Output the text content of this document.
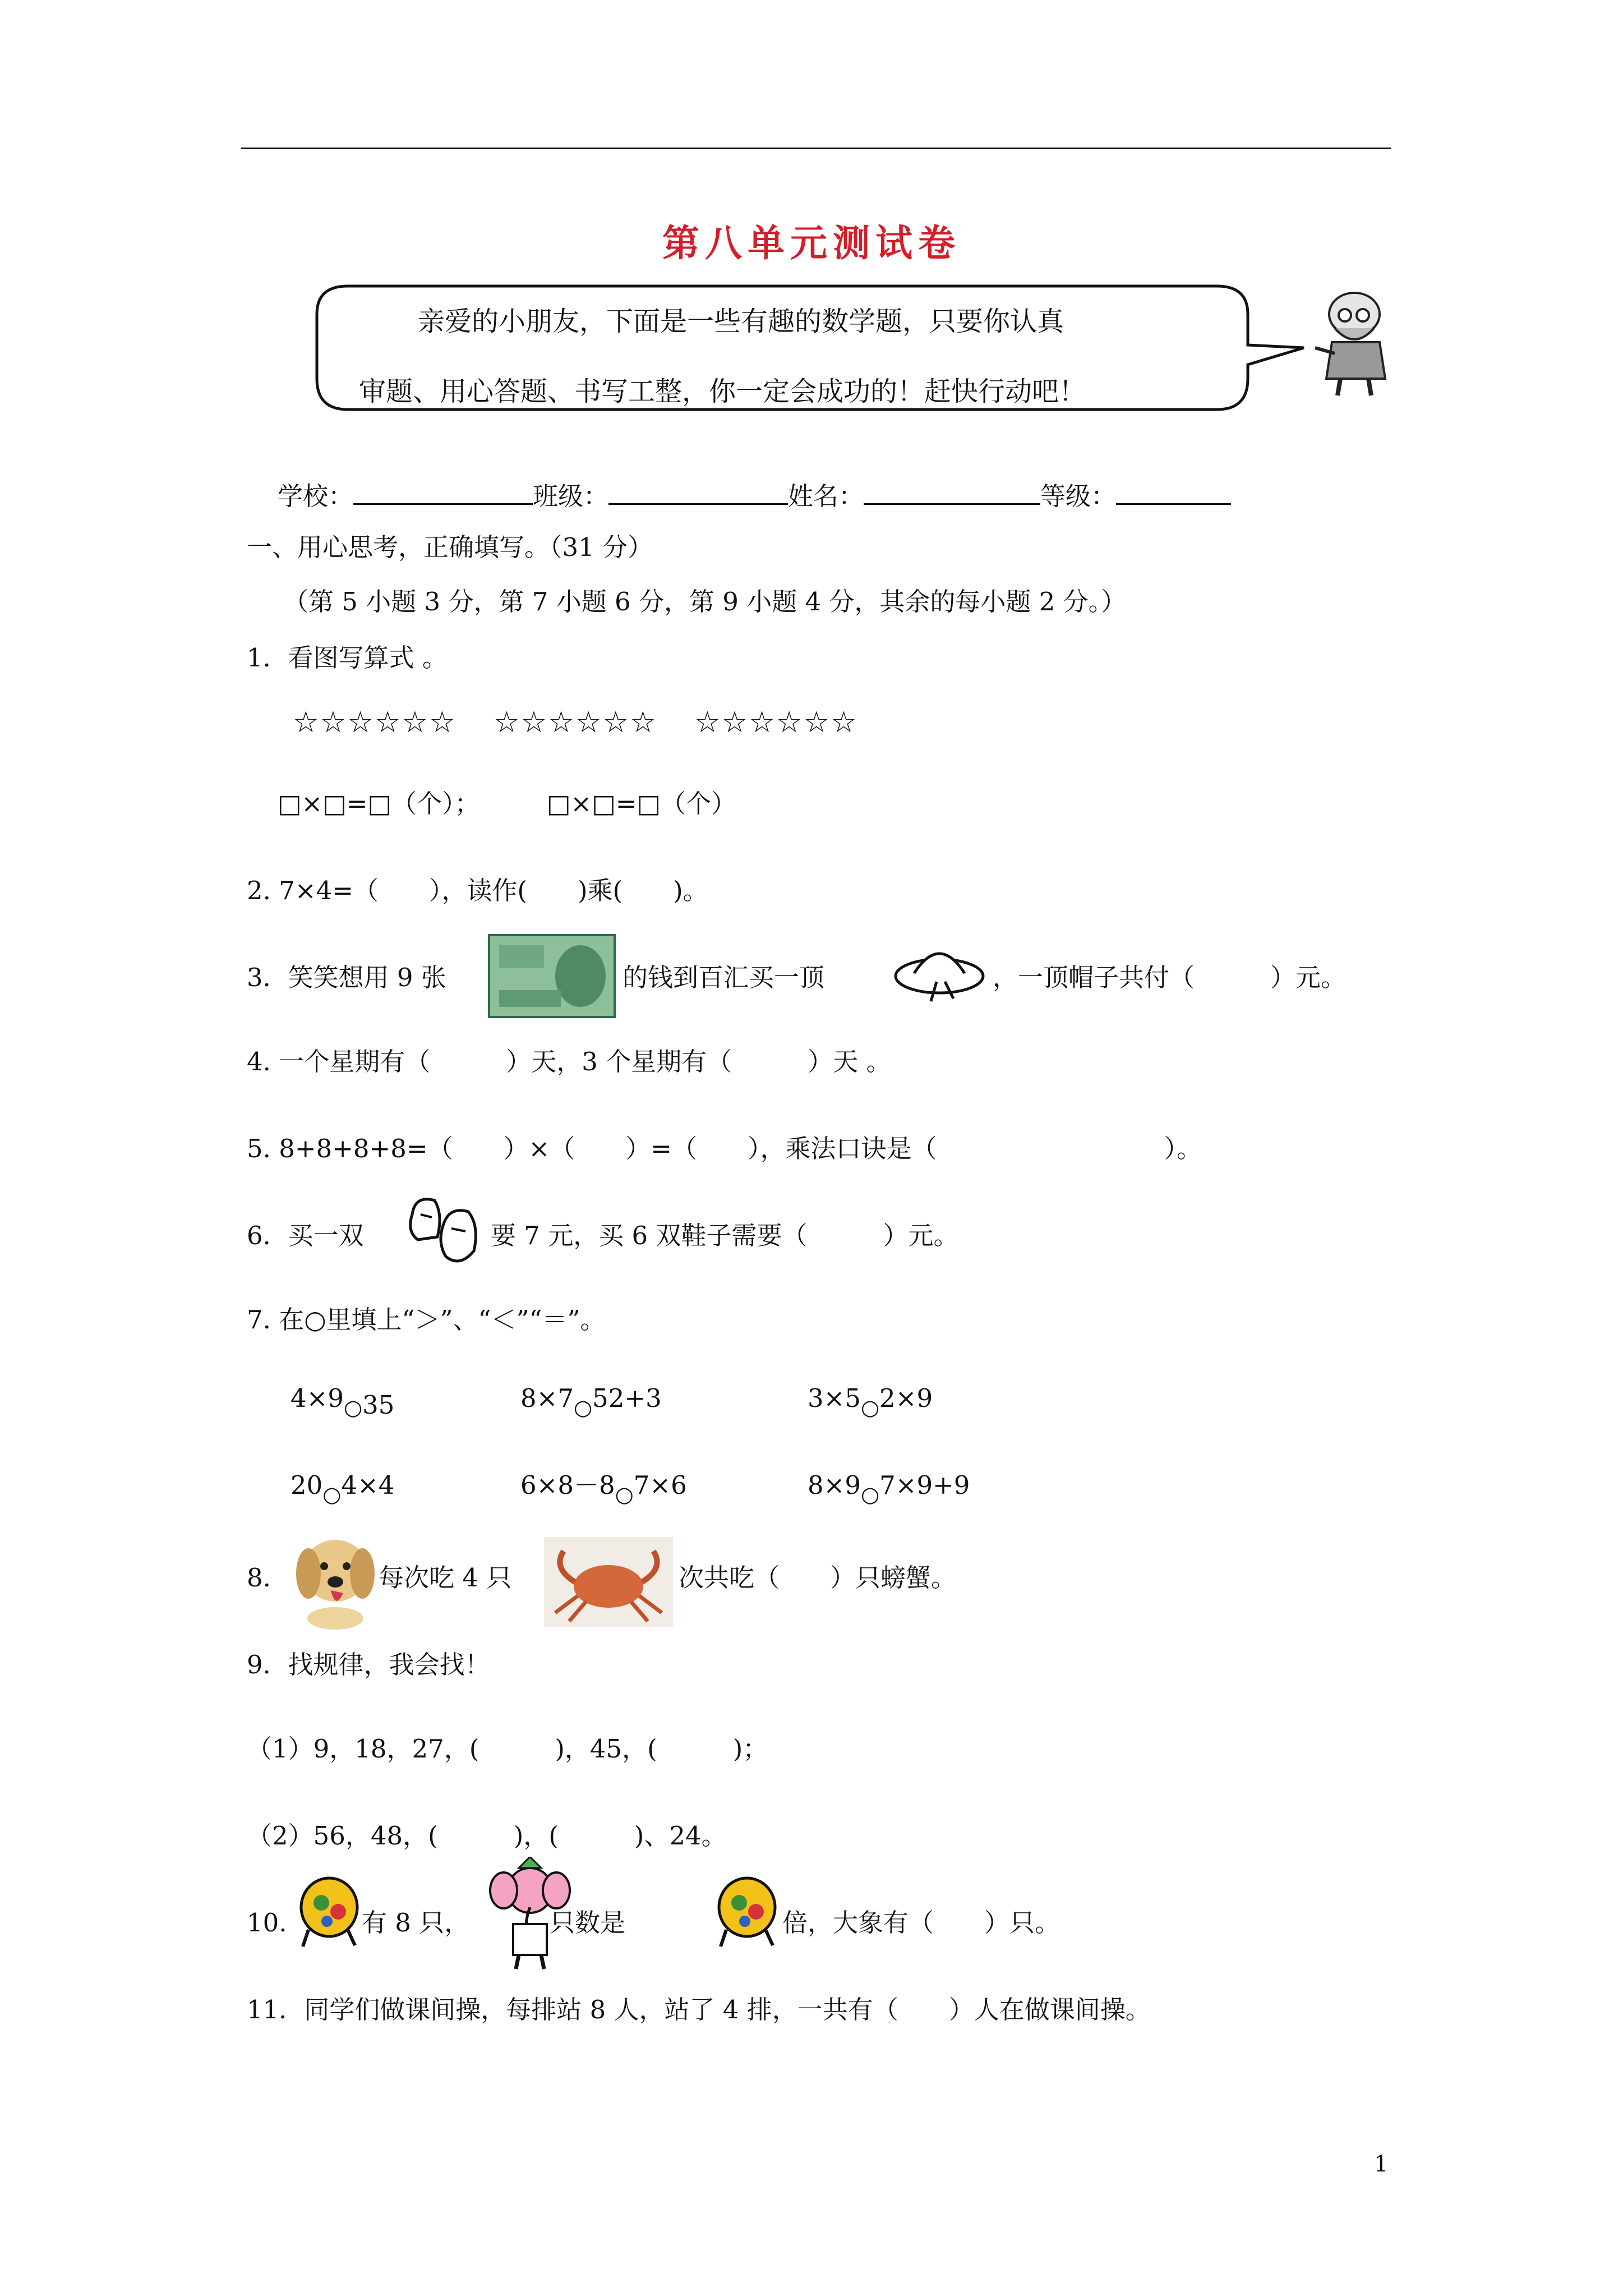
第八单元测试卷
亲爱的小朋友，下面是一些有趣的数学题，只要你认真
审题、用心答题、书写工整，你一定会成功的！赶快行动吧！
学校：	班级：	姓名：	等级：
一、用心思考，正确填写。（31 分）
（第 5 小题 3 分，第 7 小题 6 分，第 9 小题 4 分，其余的每小题 2 分。）
1．看图写算式 。
☆☆☆☆☆☆ ☆☆☆☆☆☆ ☆☆☆☆☆☆
□×□=□（个）；	□×□=□（个）
2. 7×4=（　　），读作(　　)乘(　　)。
3．笑笑想用 9 张	的钱到百汇买一顶	，一顶帽子共付（　　　）元。
4. 一个星期有（　　　）天，3 个星期有（　　　）天 。
5. 8+8+8+8=（　　）×（　　）=（　　），乘法口诀是（　　　　　　　　　）。
6．买一双	要 7 元，买 6 双鞋子需要（　　　）元。
7. 在○里填上“＞”、“＜”“＝”。
$4\times 9_○35$	$8\times 7_○52+3$	$3\times 5_○2\times 9$
$20_○4\times 4$	$6\times 8-8_○7\times 6$	$8\times 9_○7\times 9+9$
8.	每次吃 4 只	次共吃（　　）只螃蟹。
9．找规律，我会找！
（1）9，18，27，(　　　)，45，(　　　)；
（2）56，48，(　　　)，(　　　)、24。
10.	有 8 只，	只数是	倍，大象有（　　）只。
11．同学们做课间操，每排站 8 人，站了 4 排，一共有（　　）人在做课间操。
1
